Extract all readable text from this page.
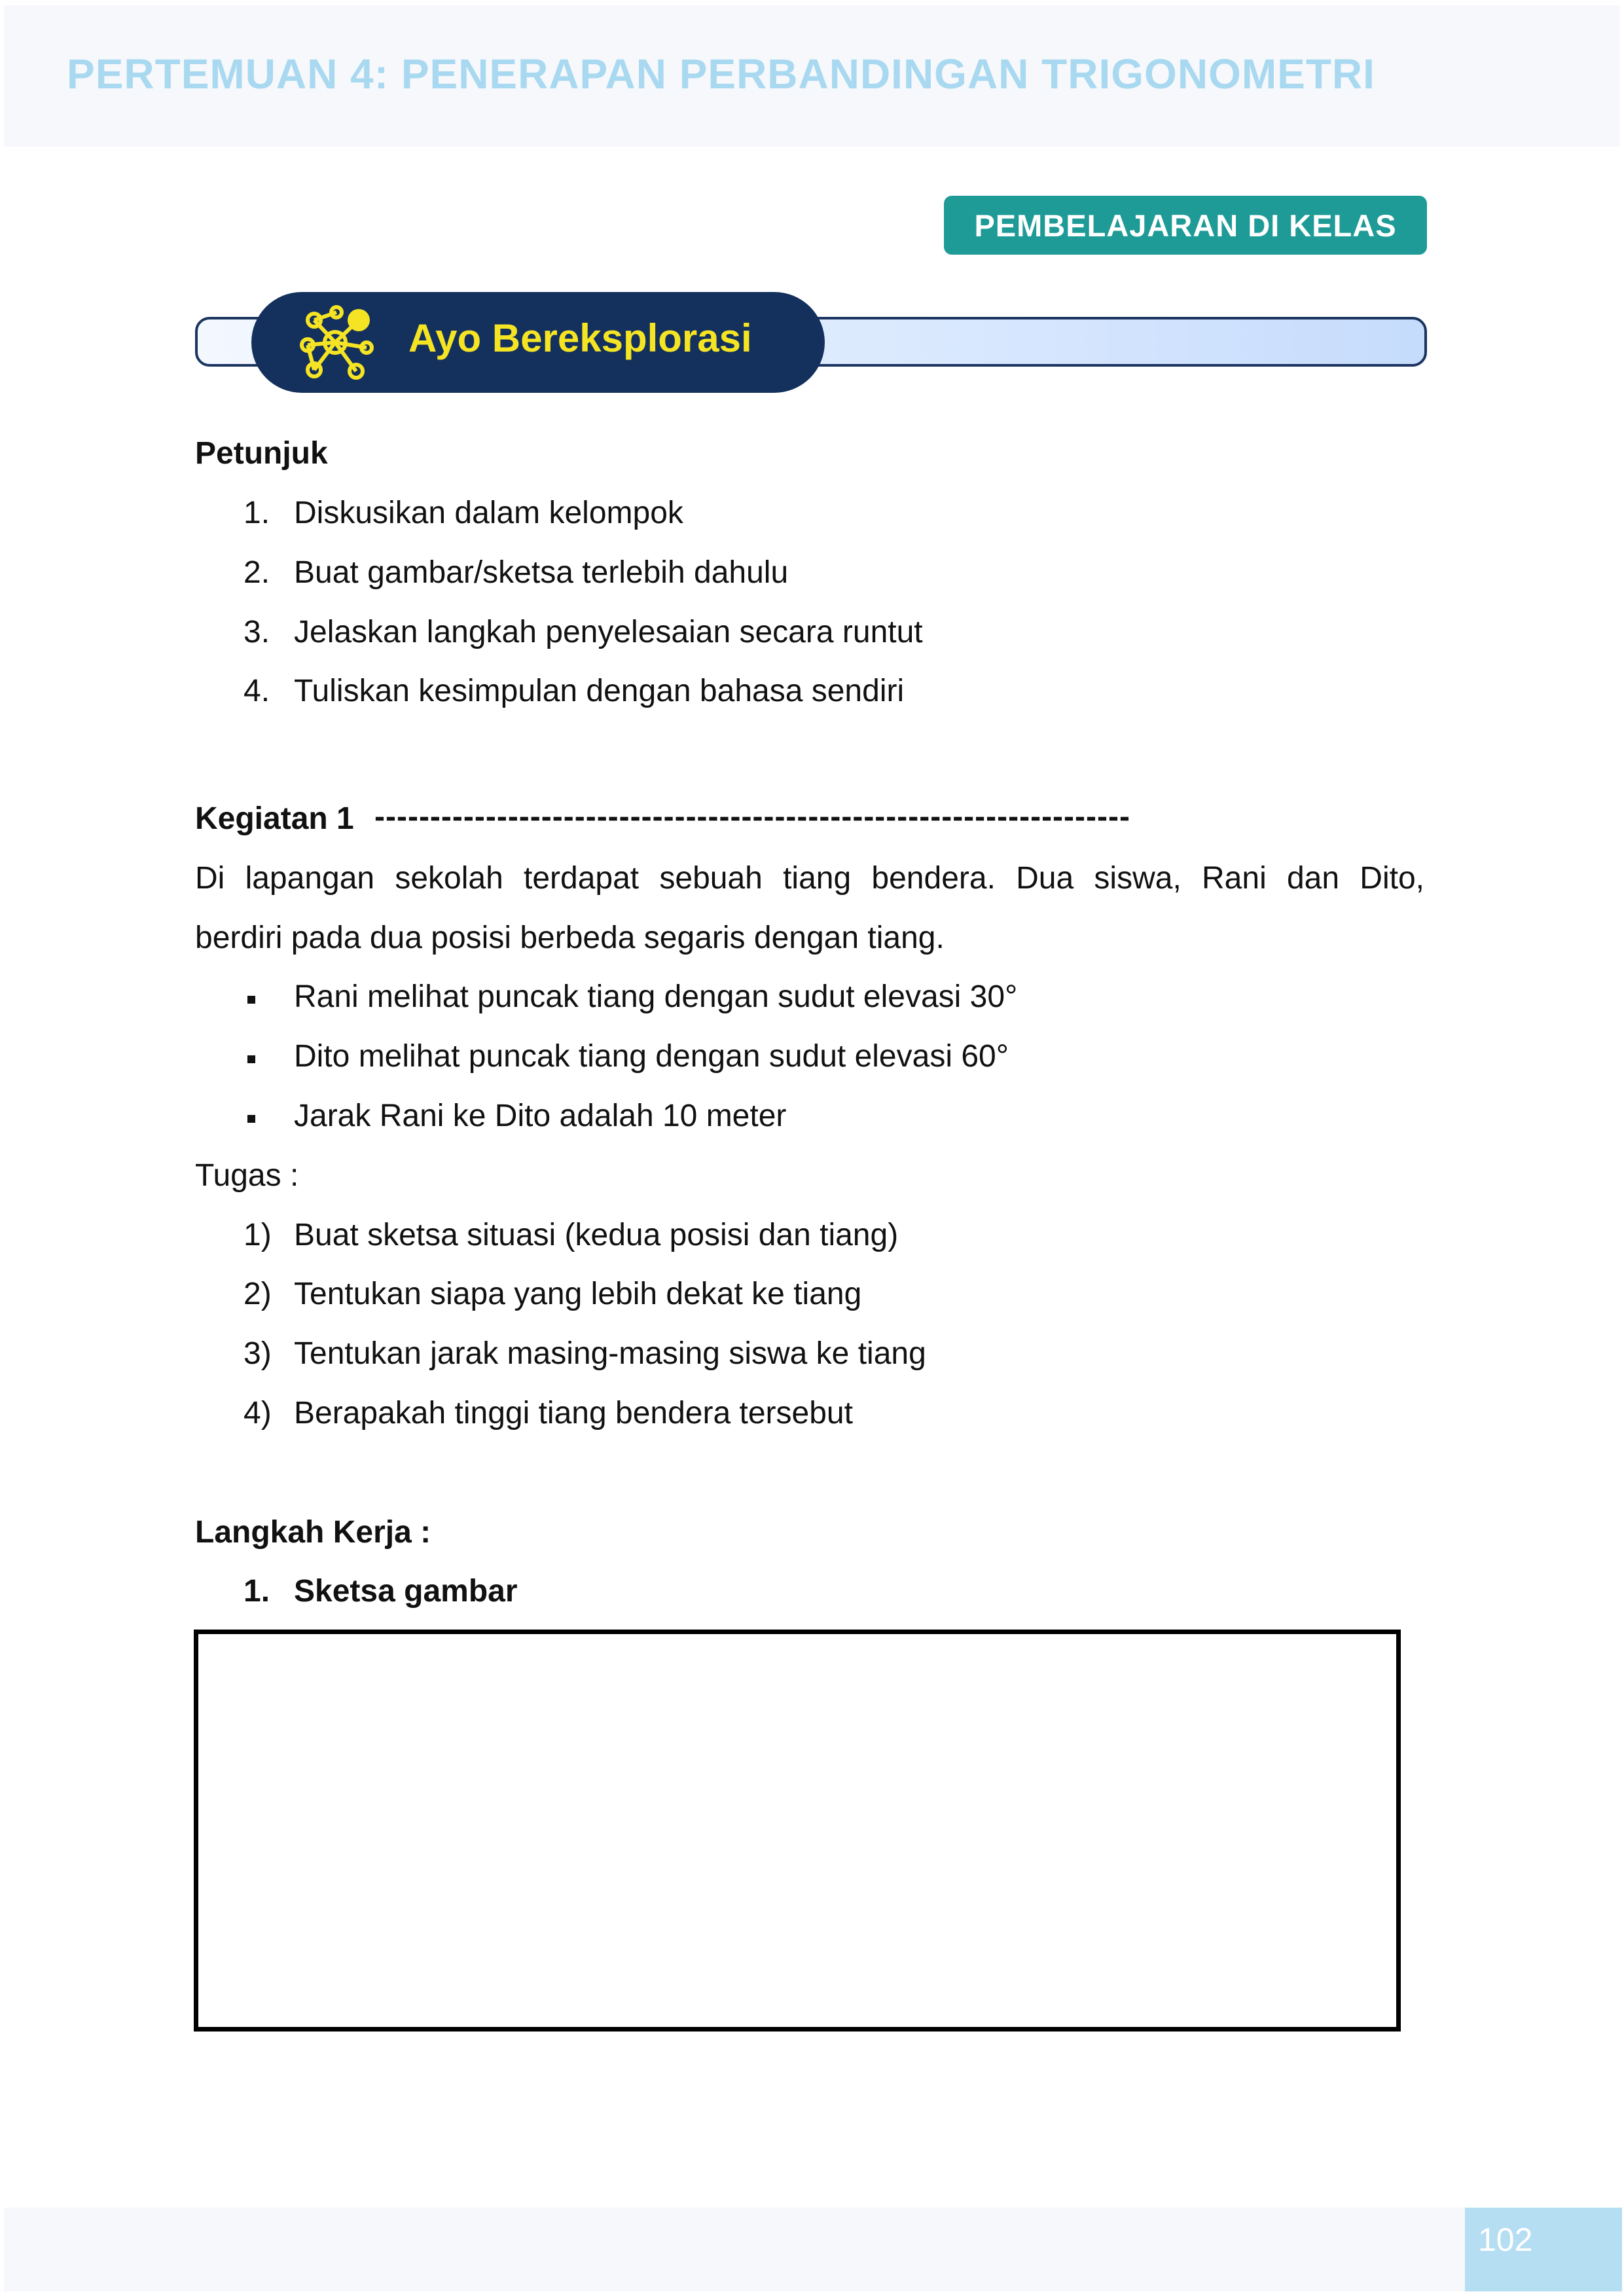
PERTEMUAN 4: PENERAPAN PERBANDINGAN TRIGONOMETRI
PEMBELAJARAN DI KELAS
Ayo Bereksplorasi
Petunjuk
1. Diskusikan dalam kelompok
2. Buat gambar/sketsa terlebih dahulu
3. Jelaskan langkah penyelesaian secara runtut
4. Tuliskan kesimpulan dengan bahasa sendiri
Kegiatan 1 --------------------------------------------------------------------
Di lapangan sekolah terdapat sebuah tiang bendera. Dua siswa, Rani dan Dito,
berdiri pada dua posisi berbeda segaris dengan tiang.
Rani melihat puncak tiang dengan sudut elevasi 30°
Dito melihat puncak tiang dengan sudut elevasi 60°
Jarak Rani ke Dito adalah 10 meter
Tugas :
1) Buat sketsa situasi (kedua posisi dan tiang)
2) Tentukan siapa yang lebih dekat ke tiang
3) Tentukan jarak masing-masing siswa ke tiang
4) Berapakah tinggi tiang bendera tersebut
Langkah Kerja :
1. Sketsa gambar
102
